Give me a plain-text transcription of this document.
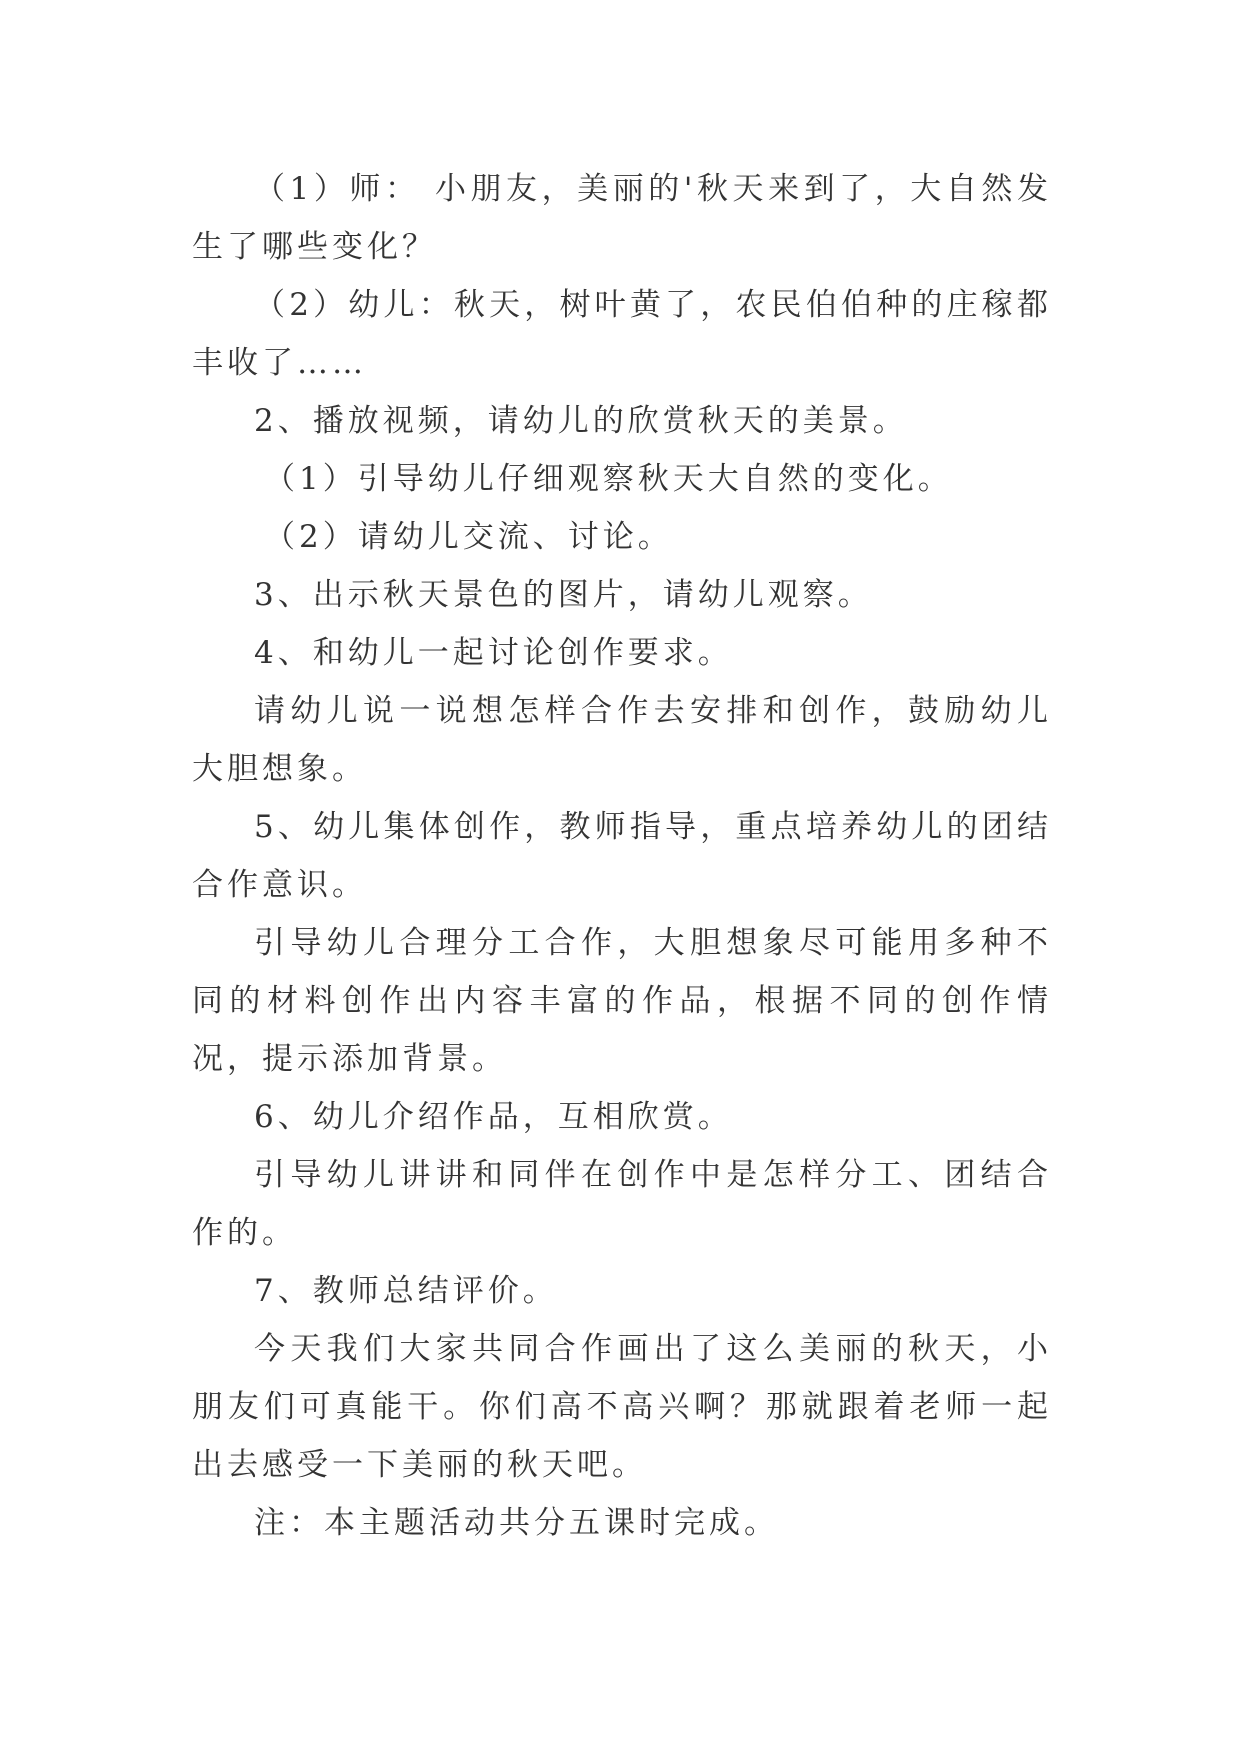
（1）师： 小朋友，美丽的'秋天来到了，大自然发生了哪些变化？

（2）幼儿：秋天，树叶黄了，农民伯伯种的庄稼都丰收了……

2、播放视频，请幼儿的欣赏秋天的美景。

（1）引导幼儿仔细观察秋天大自然的变化。

（2）请幼儿交流、讨论。

3、出示秋天景色的图片，请幼儿观察。

4、和幼儿一起讨论创作要求。

请幼儿说一说想怎样合作去安排和创作，鼓励幼儿大胆想象。

5、幼儿集体创作，教师指导，重点培养幼儿的团结合作意识。

引导幼儿合理分工合作，大胆想象尽可能用多种不同的材料创作出内容丰富的作品，根据不同的创作情况，提示添加背景。

6、幼儿介绍作品，互相欣赏。

引导幼儿讲讲和同伴在创作中是怎样分工、团结合作的。

7、教师总结评价。

今天我们大家共同合作画出了这么美丽的秋天，小朋友们可真能干。你们高不高兴啊？那就跟着老师一起出去感受一下美丽的秋天吧。

注：本主题活动共分五课时完成。
